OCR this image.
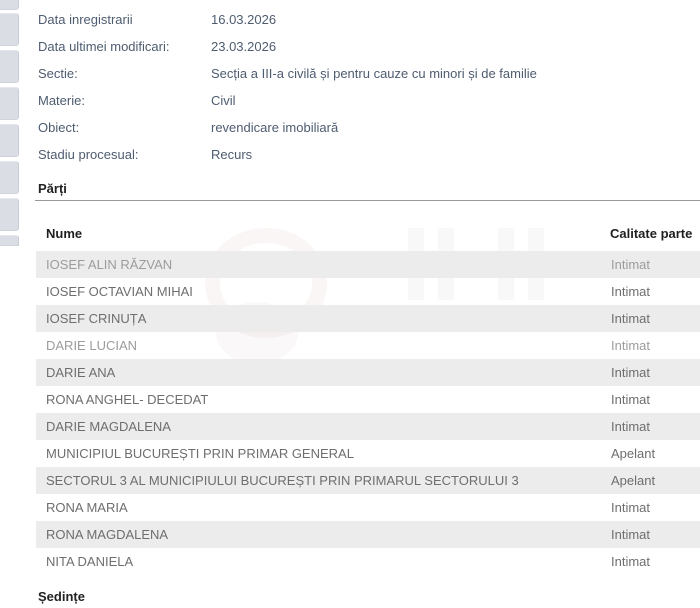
Data inregistrarii	16.03.2026
Data ultimei modificari:	23.03.2026
Sectie:	Secția a III-a civilă și pentru cauze cu minori și de familie
Materie:	Civil
Obiect:	revendicare imobiliară
Stadiu procesual:	Recurs
Părți
Nume	Calitate parte
IOSEF ALIN RĂZVAN	Intimat
IOSEF OCTAVIAN MIHAI	Intimat
IOSEF CRINUȚA	Intimat
DARIE LUCIAN	Intimat
DARIE ANA	Intimat
RONA ANGHEL- DECEDAT	Intimat
DARIE MAGDALENA	Intimat
MUNICIPIUL BUCUREȘTI PRIN PRIMAR GENERAL	Apelant
SECTORUL 3 AL MUNICIPIULUI BUCUREȘTI PRIN PRIMARUL SECTORULUI 3	Apelant
RONA MARIA	Intimat
RONA MAGDALENA	Intimat
NITA DANIELA	Intimat
Ședințe
